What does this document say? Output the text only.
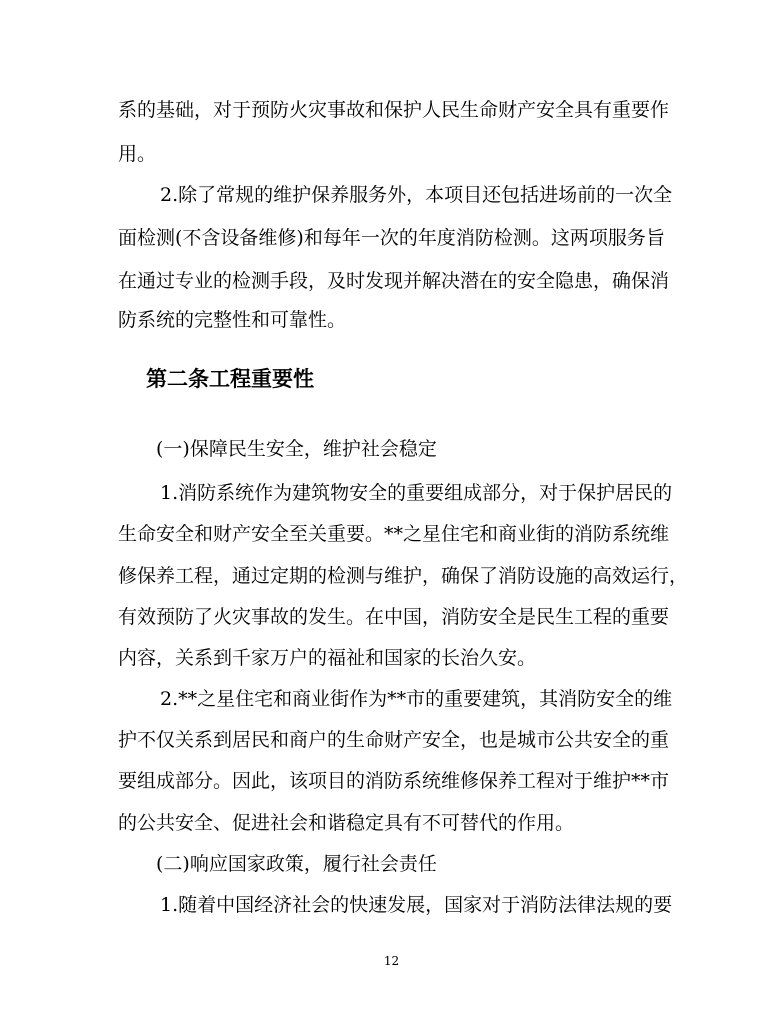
系的基础，对于预防火灾事故和保护人民生命财产安全具有重要作
用。
2.除了常规的维护保养服务外，本项目还包括进场前的一次全
面检测(不含设备维修)和每年一次的年度消防检测。这两项服务旨
在通过专业的检测手段，及时发现并解决潜在的安全隐患，确保消
防系统的完整性和可靠性。
第二条工程重要性
(一)保障民生安全，维护社会稳定
1.消防系统作为建筑物安全的重要组成部分，对于保护居民的
生命安全和财产安全至关重要。**之星住宅和商业街的消防系统维
修保养工程，通过定期的检测与维护，确保了消防设施的高效运行，
有效预防了火灾事故的发生。在中国，消防安全是民生工程的重要
内容，关系到千家万户的福祉和国家的长治久安。
2.**之星住宅和商业街作为**市的重要建筑，其消防安全的维
护不仅关系到居民和商户的生命财产安全，也是城市公共安全的重
要组成部分。因此，该项目的消防系统维修保养工程对于维护**市
的公共安全、促进社会和谐稳定具有不可替代的作用。
(二)响应国家政策，履行社会责任
1.随着中国经济社会的快速发展，国家对于消防法律法规的要
12
